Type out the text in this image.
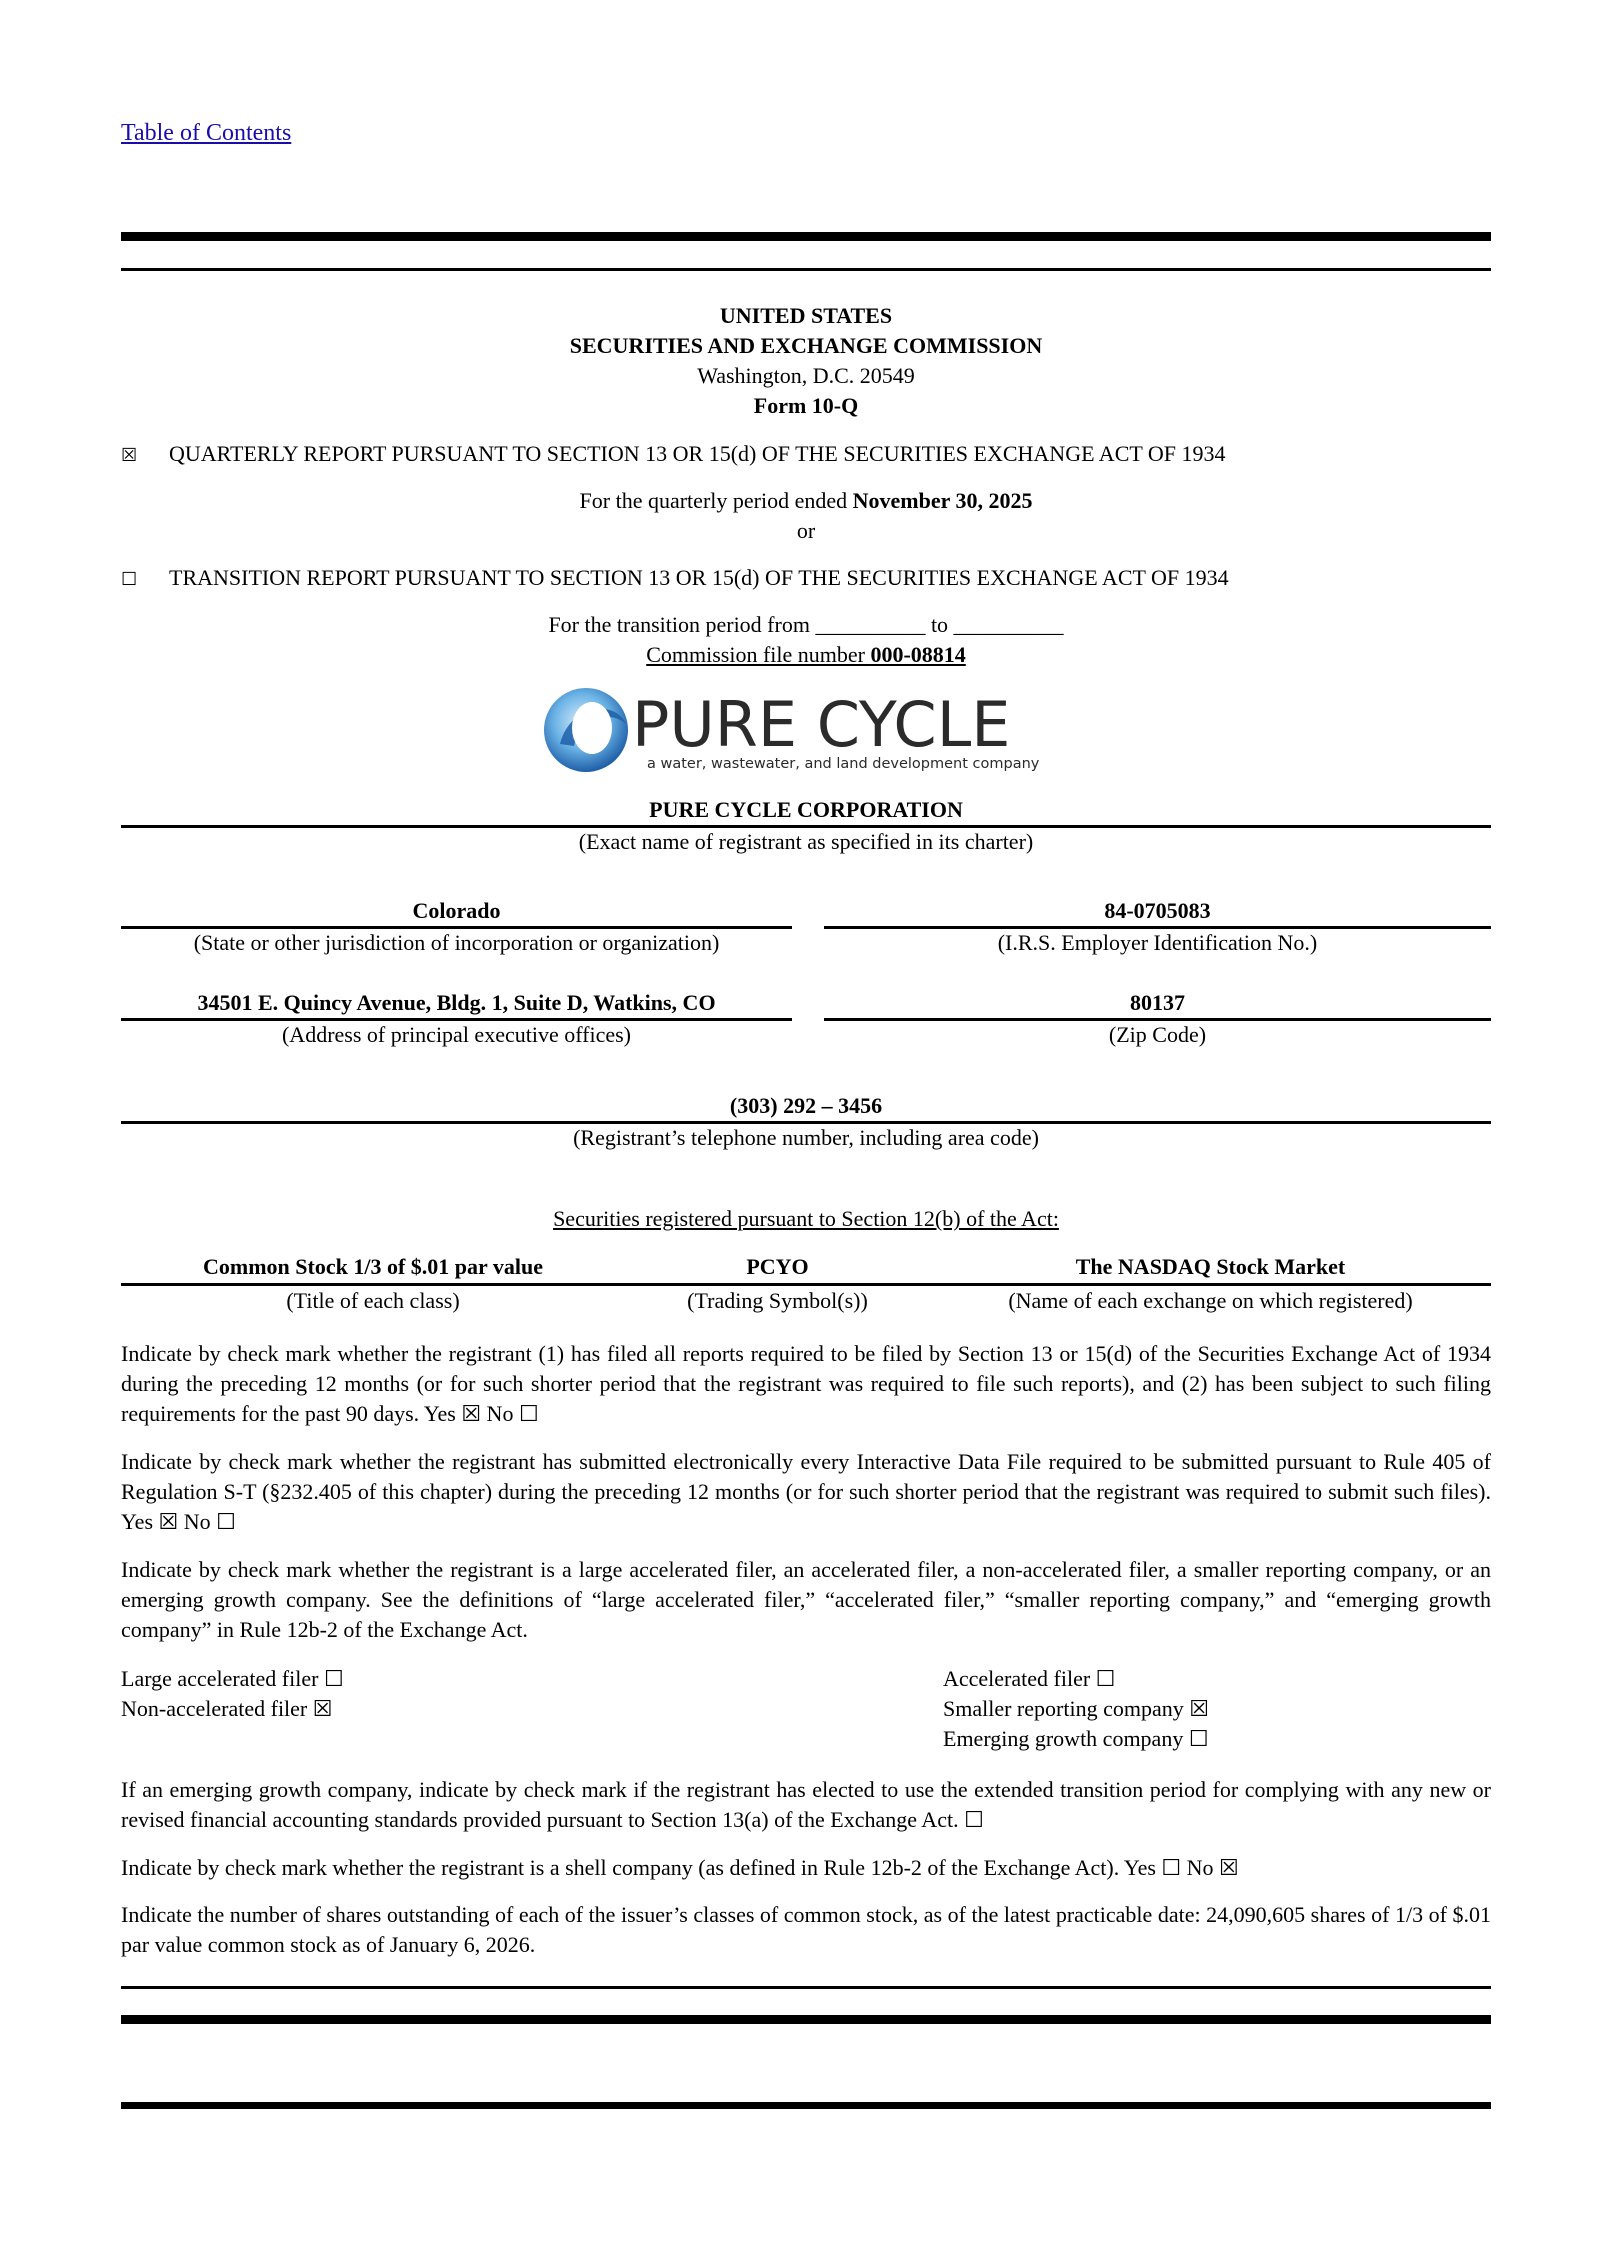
Table of Contents
UNITED STATES
SECURITIES AND EXCHANGE COMMISSION
Washington, D.C. 20549
Form 10-Q
☒ QUARTERLY REPORT PURSUANT TO SECTION 13 OR 15(d) OF THE SECURITIES EXCHANGE ACT OF 1934
For the quarterly period ended November 30, 2025
or
☐ TRANSITION REPORT PURSUANT TO SECTION 13 OR 15(d) OF THE SECURITIES EXCHANGE ACT OF 1934
For the transition period from __________ to __________
Commission file number 000-08814
PURE CYCLE
a water, wastewater, and land development company
PURE CYCLE CORPORATION
(Exact name of registrant as specified in its charter)
Colorado
(State or other jurisdiction of incorporation or organization)
84-0705083
(I.R.S. Employer Identification No.)
34501 E. Quincy Avenue, Bldg. 1, Suite D, Watkins, CO
(Address of principal executive offices)
80137
(Zip Code)
(303) 292 – 3456
(Registrant’s telephone number, including area code)
Securities registered pursuant to Section 12(b) of the Act:
Common Stock 1/3 of $.01 par value	PCYO	The NASDAQ Stock Market
(Title of each class)	(Trading Symbol(s))	(Name of each exchange on which registered)
Indicate by check mark whether the registrant (1) has filed all reports required to be filed by Section 13 or 15(d) of the Securities Exchange Act of 1934 during the preceding 12 months (or for such shorter period that the registrant was required to file such reports), and (2) has been subject to such filing requirements for the past 90 days. Yes ☒ No ☐
Indicate by check mark whether the registrant has submitted electronically every Interactive Data File required to be submitted pursuant to Rule 405 of Regulation S-T (§232.405 of this chapter) during the preceding 12 months (or for such shorter period that the registrant was required to submit such files). Yes ☒ No ☐
Indicate by check mark whether the registrant is a large accelerated filer, an accelerated filer, a non-accelerated filer, a smaller reporting company, or an emerging growth company. See the definitions of “large accelerated filer,” “accelerated filer,” “smaller reporting company,” and “emerging growth company” in Rule 12b-2 of the Exchange Act.
Large accelerated filer ☐
Non-accelerated filer ☒
Accelerated filer ☐
Smaller reporting company ☒
Emerging growth company ☐
If an emerging growth company, indicate by check mark if the registrant has elected to use the extended transition period for complying with any new or revised financial accounting standards provided pursuant to Section 13(a) of the Exchange Act. ☐
Indicate by check mark whether the registrant is a shell company (as defined in Rule 12b-2 of the Exchange Act). Yes ☐ No ☒
Indicate the number of shares outstanding of each of the issuer’s classes of common stock, as of the latest practicable date: 24,090,605 shares of 1/3 of $.01 par value common stock as of January 6, 2026.
